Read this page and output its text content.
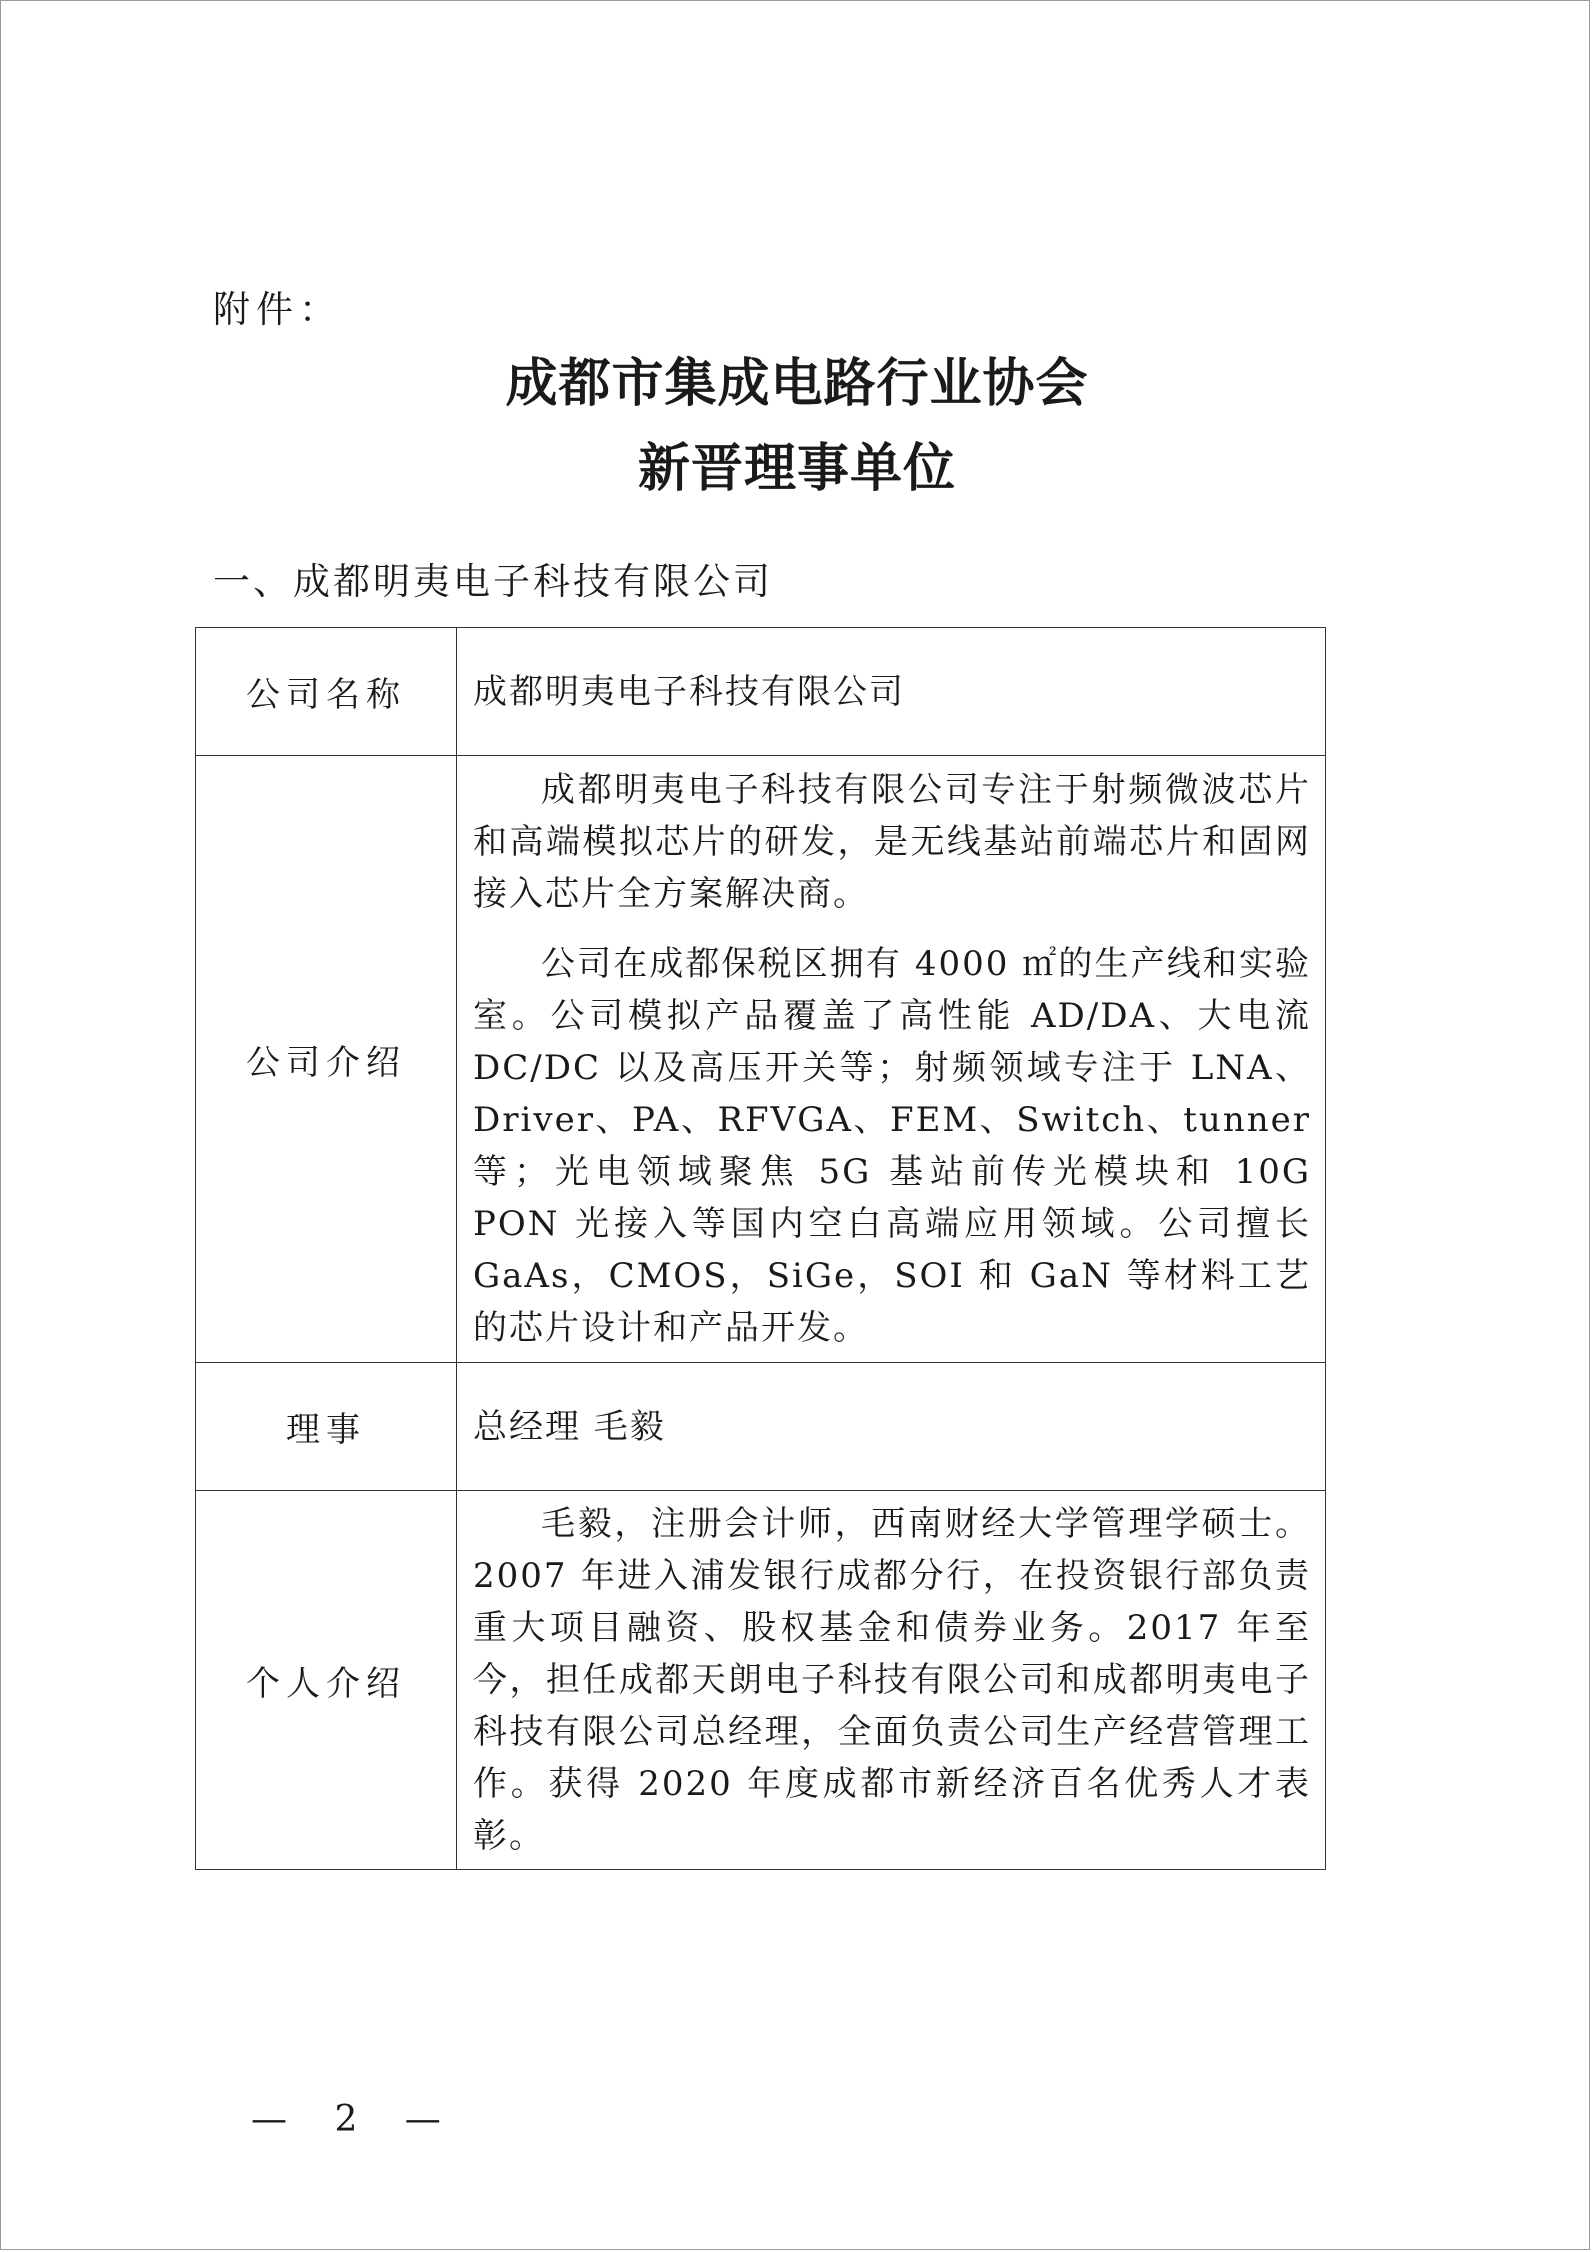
附件：
成都市集成电路行业协会
新晋理事单位
一、成都明夷电子科技有限公司
公司名称	成都明夷电子科技有限公司
公司介绍	成都明夷电子科技有限公司专注于射频微波芯片和高端模拟芯片的研发，是无线基站前端芯片和固网接入芯片全方案解决商。

公司在成都保税区拥有 4000 ㎡的生产线和实验室。公司模拟产品覆盖了高性能 AD/DA、大电流 DC/DC 以及高压开关等；射频领域专注于 LNA、Driver、PA、RFVGA、FEM、Switch、tunner 等；光电领域聚焦 5G 基站前传光模块和 10G PON 光接入等国内空白高端应用领域。公司擅长 GaAs，CMOS，SiGe，SOI 和 GaN 等材料工艺的芯片设计和产品开发。

理事	总经理 毛毅
个人介绍	毛毅，注册会计师，西南财经大学管理学硕士。2007 年进入浦发银行成都分行，在投资银行部负责重大项目融资、股权基金和债券业务。2017 年至今，担任成都天朗电子科技有限公司和成都明夷电子科技有限公司总经理，全面负责公司生产经营管理工作。获得 2020 年度成都市新经济百名优秀人才表彰。

— 2 —
